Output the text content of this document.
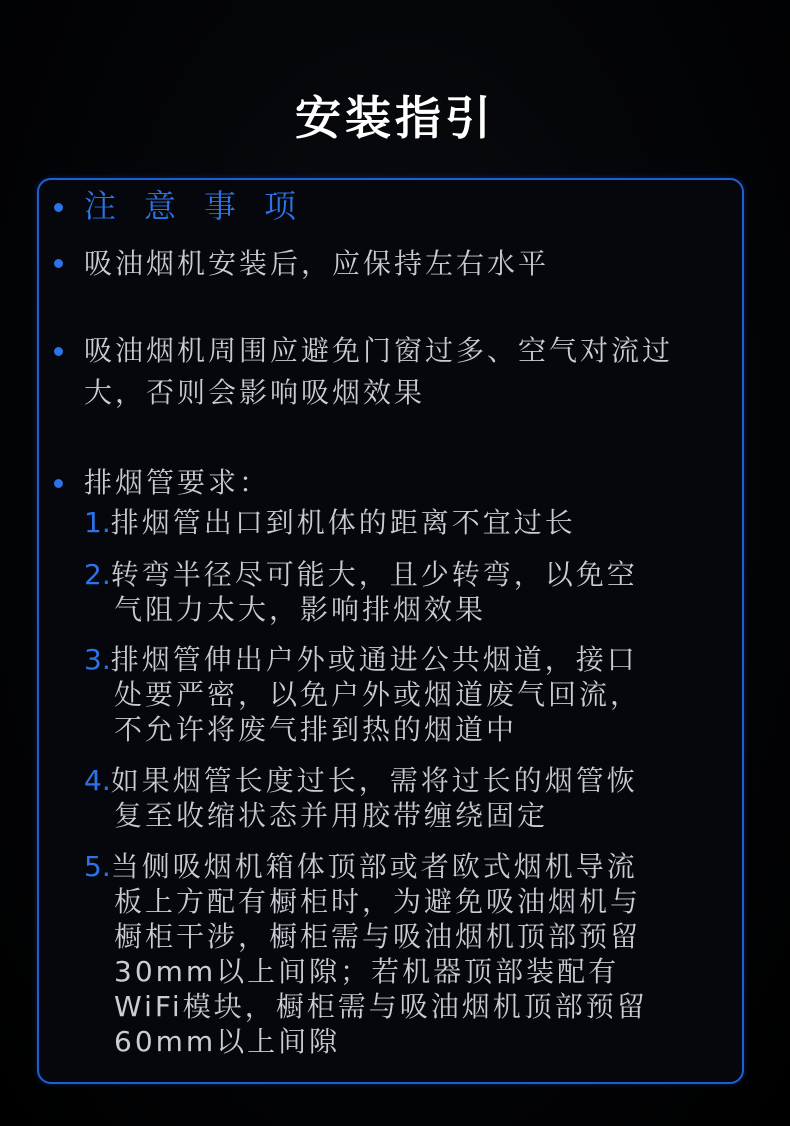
安装指引
注意事项
吸油烟机安装后，应保持左右水平
吸油烟机周围应避免门窗过多、空气对流过
大，否则会影响吸烟效果
排烟管要求：
1.排烟管出口到机体的距离不宜过长
2.转弯半径尽可能大，且少转弯，以免空
气阻力太大，影响排烟效果
3.排烟管伸出户外或通进公共烟道，接口
处要严密，以免户外或烟道废气回流，
不允许将废气排到热的烟道中
4.如果烟管长度过长，需将过长的烟管恢
复至收缩状态并用胶带缠绕固定
5.当侧吸烟机箱体顶部或者欧式烟机导流
板上方配有橱柜时，为避免吸油烟机与
橱柜干涉，橱柜需与吸油烟机顶部预留
30mm以上间隙；若机器顶部装配有
WiFi模块，橱柜需与吸油烟机顶部预留
60mm以上间隙
